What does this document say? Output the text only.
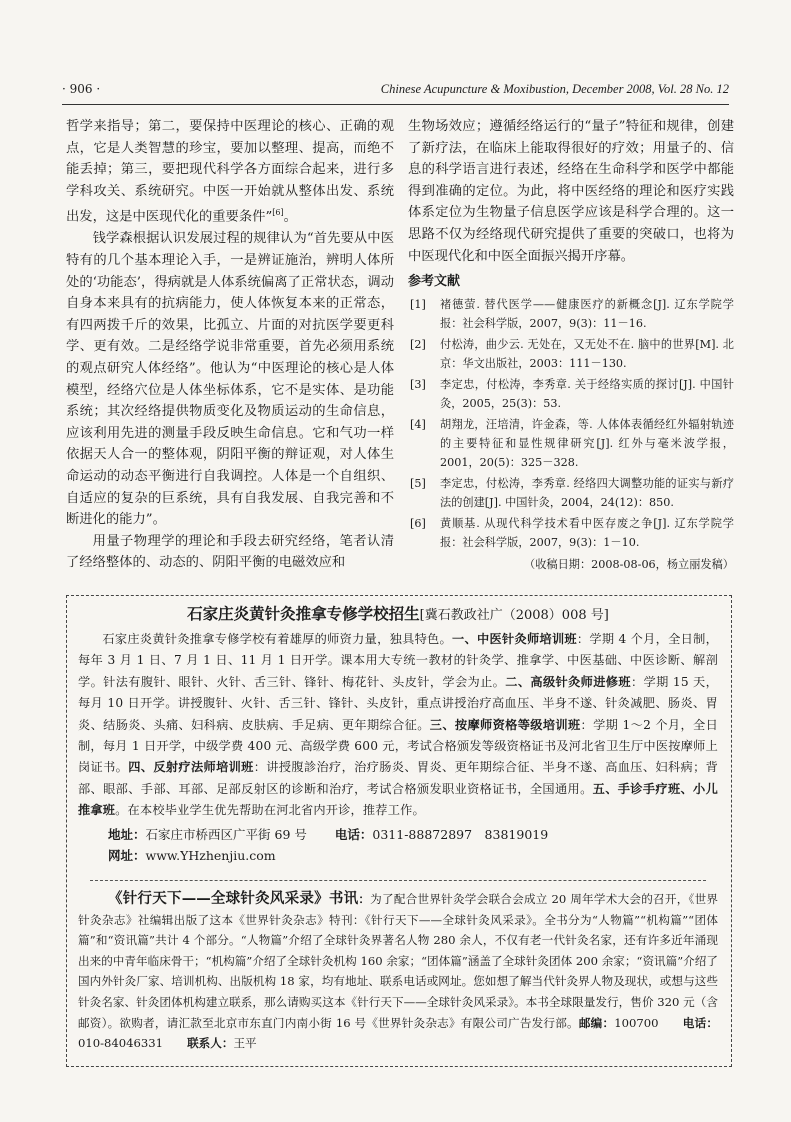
· 906 ·	Chinese Acupuncture & Moxibustion, December 2008, Vol. 28 No. 12

哲学来指导；第二，要保持中医理论的核心、正确的观点，它是人类智慧的珍宝，要加以整理、提高，而绝不能丢掉；第三，要把现代科学各方面综合起来，进行多学科攻关、系统研究。中医一开始就从整体出发、系统出发，这是中医现代化的重要条件”[6]。

钱学森根据认识发展过程的规律认为“首先要从中医特有的几个基本理论入手，一是辨证施治，辨明人体所处的‘功能态’，得病就是人体系统偏离了正常状态，调动自身本来具有的抗病能力，使人体恢复本来的正常态，有四两拨千斤的效果，比孤立、片面的对抗医学要更科学、更有效。二是经络学说非常重要，首先必须用系统的观点研究人体经络”。他认为“中医理论的核心是人体模型，经络穴位是人体坐标体系，它不是实体、是功能系统；其次经络提供物质变化及物质运动的生命信息，应该利用先进的测量手段反映生命信息。它和气功一样依据天人合一的整体观，阴阳平衡的辩证观，对人体生命运动的动态平衡进行自我调控。人体是一个自组织、自适应的复杂的巨系统，具有自我发展、自我完善和不断进化的能力”。

用量子物理学的理论和手段去研究经络，笔者认清了经络整体的、动态的、阴阳平衡的电磁效应和

生物场效应；遵循经络运行的“量子”特征和规律，创建了新疗法，在临床上能取得很好的疗效；用量子的、信息的科学语言进行表述，经络在生命科学和医学中都能得到准确的定位。为此，将中医经络的理论和医疗实践体系定位为生物量子信息医学应该是科学合理的。这一思路不仅为经络现代研究提供了重要的突破口，也将为中医现代化和中医全面振兴揭开序幕。

参考文献
[1]	褚德萤. 替代医学——健康医疗的新概念[J]. 辽东学院学报：社会科学版，2007，9(3)：11－16.
[2]	付松涛，曲少云. 无处在，又无处不在. 脑中的世界[M]. 北京：华文出版社，2003：111－130.
[3]	李定忠，付松涛，李秀章. 关于经络实质的探讨[J]. 中国针灸，2005，25(3)：53.
[4]	胡翔龙，汪培清，许金森，等. 人体体表循经红外辐射轨迹的主要特征和显性规律研究[J]. 红外与毫米波学报，2001，20(5)：325－328.
[5]	李定忠，付松涛，李秀章. 经络四大调整功能的证实与新疗法的创建[J]. 中国针灸，2004，24(12)：850.
[6]	黄顺基. 从现代科学技术看中医存废之争[J]. 辽东学院学报：社会科学版，2007，9(3)：1－10.
（收稿日期：2008-08-06，杨立丽发稿）
石家庄炎黄针灸推拿专修学校招生[冀石教政社广（2008）008 号]
石家庄炎黄针灸推拿专修学校有着雄厚的师资力量，独具特色。一、中医针灸师培训班：学期 4 个月，全日制，每年 3 月 1 日、7 月 1 日、11 月 1 日开学。课本用大专统一教材的针灸学、推拿学、中医基础、中医诊断、解剖学。针法有腹针、眼针、火针、舌三针、锋针、梅花针、头皮针，学会为止。二、高级针灸师进修班：学期 15 天，每月 10 日开学。讲授腹针、火针、舌三针、锋针、头皮针，重点讲授治疗高血压、半身不遂、针灸减肥、肠炎、胃炎、结肠炎、头痛、妇科病、皮肤病、手足病、更年期综合征。三、按摩师资格等级培训班：学期 1～2 个月，全日制，每月 1 日开学，中级学费 400 元、高级学费 600 元，考试合格颁发等级资格证书及河北省卫生厅中医按摩师上岗证书。四、反射疗法师培训班：讲授腹診治疗，治疗肠炎、胃炎、更年期综合征、半身不遂、高血压、妇科病；背部、眼部、手部、耳部、足部反射区的诊断和治疗，考试合格颁发职业资格证书，全国通用。五、手诊手疗班、小儿推拿班。在本校毕业学生优先帮助在河北省内开诊，推荐工作。
地址：石家庄市桥西区广平街 69 号 电话：0311-88872897　83819019
网址：www.YHzhenjiu.com
《针行天下——全球针灸风采录》书讯：为了配合世界针灸学会联合会成立 20 周年学术大会的召开，《世界针灸杂志》社编辑出版了这本《世界针灸杂志》特刊：《针行天下——全球针灸风采录》。全书分为“人物篇”“机构篇”“团体篇”和“资讯篇”共计 4 个部分。“人物篇”介绍了全球针灸界著名人物 280 余人，不仅有老一代针灸名家，还有许多近年涌现出来的中青年临床骨干；“机构篇”介绍了全球针灸机构 160 余家；“团体篇”涵盖了全球针灸团体 200 余家；“资讯篇”介绍了国内外针灸厂家、培训机构、出版机构 18 家，均有地址、联系电话或网址。您如想了解当代针灸界人物及现状，或想与这些针灸名家、针灸团体机构建立联系，那么请购买这本《针行天下——全球针灸风采录》。本书全球限量发行，售价 320 元（含邮资）。欲购者，请汇款至北京市东直门内南小街 16 号《世界针灸杂志》有限公司广告发行部。邮编：100700 电话：010-84046331 联系人：王平
